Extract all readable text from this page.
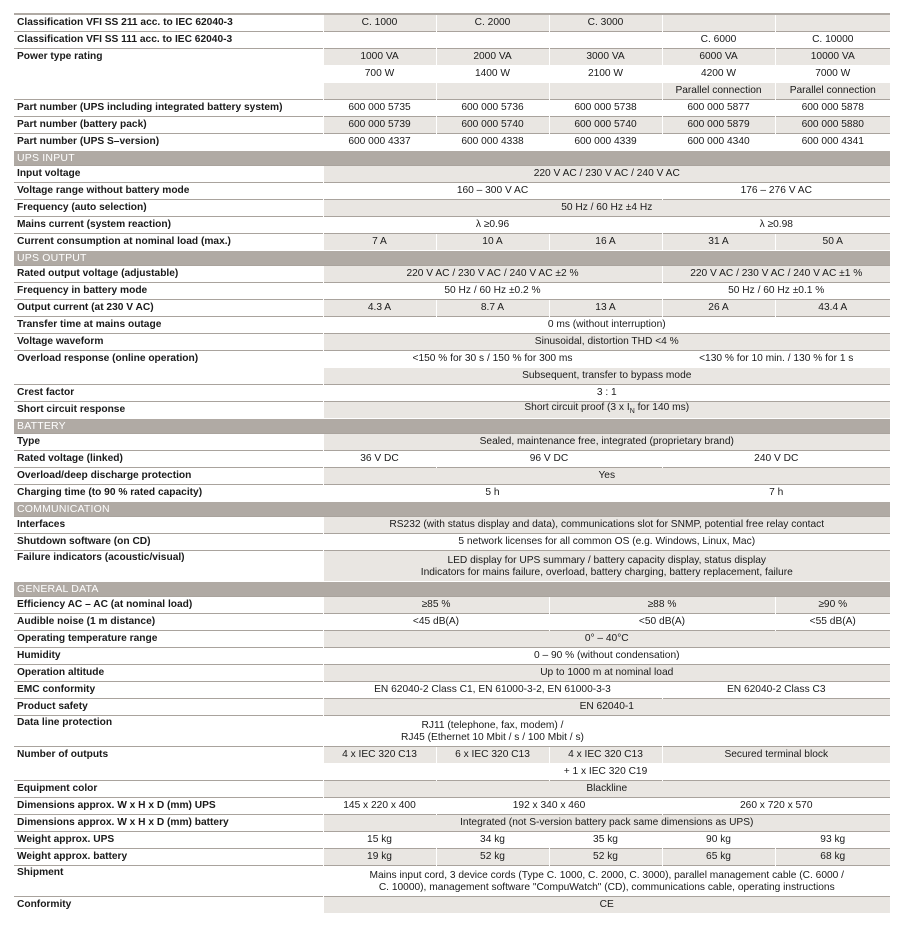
Classification VFI SS 211 acc. to IEC 62040-3	C. 1000	C. 2000	C. 3000		
Classification VFI SS 111 acc. to IEC 62040-3				C. 6000	C. 10000
Power type rating	1000 VA	2000 VA	3000 VA	6000 VA	10000 VA
	700 W	1400 W	2100 W	4200 W	7000 W
				Parallel connection	Parallel connection
Part number (UPS including integrated battery system)	600 000 5735	600 000 5736	600 000 5738	600 000 5877	600 000 5878
Part number (battery pack)	600 000 5739	600 000 5740	600 000 5740	600 000 5879	600 000 5880
Part number (UPS S–version)	600 000 4337	600 000 4338	600 000 4339	600 000 4340	600 000 4341
UPS INPUT					
Input voltage	220 V AC / 230 V AC / 240 V AC				
Voltage range without battery mode	160 – 300 V AC			176 – 276 V AC	
Frequency (auto selection)	50 Hz / 60 Hz ±4 Hz				
Mains current (system reaction)	λ ≥0.96			λ ≥0.98	
Current consumption at nominal load (max.)	7 A	10 A	16 A	31 A	50 A
UPS OUTPUT					
Rated output voltage (adjustable)	220 V AC / 230 V AC / 240 V AC ±2 %			220 V AC / 230 V AC / 240 V AC ±1 %	
Frequency in battery mode	50 Hz / 60 Hz ±0.2 %			50 Hz / 60 Hz ±0.1 %	
Output current (at 230 V AC)	4.3 A	8.7 A	13 A	26 A	43.4 A
Transfer time at mains outage	0 ms (without interruption)				
Voltage waveform	Sinusoidal, distortion THD <4 %				
Overload response (online operation)	<150 % for 30 s / 150 % for 300 ms			<130 % for 10 min. / 130 % for 1 s	
	Subsequent, transfer to bypass mode				
Crest factor	3 : 1				
Short circuit response	Short circuit proof (3 x $I_N$ for 140 ms)				
BATTERY					
Type	Sealed, maintenance free, integrated (proprietary brand)				
Rated voltage (linked)	36 V DC	96 V DC		240 V DC	
Overload/deep discharge protection	Yes				
Charging time (to 90 % rated capacity)	5 h			7 h	
COMMUNICATION					
Interfaces	RS232 (with status display and data), communications slot for SNMP, potential free relay contact				
Shutdown software (on CD)	5 network licenses for all common OS (e.g. Windows, Linux, Mac)				
Failure indicators (acoustic/visual)	LED display for UPS summary / battery capacity display, status display
Indicators for mains failure, overload, battery charging, battery replacement, failure				
GENERAL DATA					
Efficiency AC – AC (at nominal load)	≥85 %		≥88 %		≥90 %
Audible noise (1 m distance)	<45 dB(A)		<50 dB(A)		<55 dB(A)
Operating temperature range	0° – 40°C				
Humidity	0 – 90 % (without condensation)				
Operation altitude	Up to 1000 m at nominal load				
EMC conformity	EN 62040-2 Class C1, EN 61000-3-2, EN 61000-3-3			EN 62040-2 Class C3	
Product safety	EN 62040-1				
Data line protection	RJ11 (telephone, fax, modem) /
RJ45 (Ethernet 10 Mbit / s / 100 Mbit / s)				
Number of outputs	4 x IEC 320 C13	6 x IEC 320 C13	4 x IEC 320 C13	Secured terminal block	
			+ 1 x IEC 320 C19		
Equipment color	Blackline				
Dimensions approx. W x H x D (mm) UPS	145 x 220 x 400	192 x 340 x 460		260 x 720 x 570	
Dimensions approx. W x H x D (mm) battery	Integrated (not S-version battery pack same dimensions as UPS)				
Weight approx. UPS	15 kg	34 kg	35 kg	90 kg	93 kg
Weight approx. battery	19 kg	52 kg	52 kg	65 kg	68 kg
Shipment	Mains input cord, 3 device cords (Type C. 1000, C. 2000, C. 3000), parallel management cable (C. 6000 /
C. 10000), management software "CompuWatch" (CD), communications cable, operating instructions				
Conformity	CE				
